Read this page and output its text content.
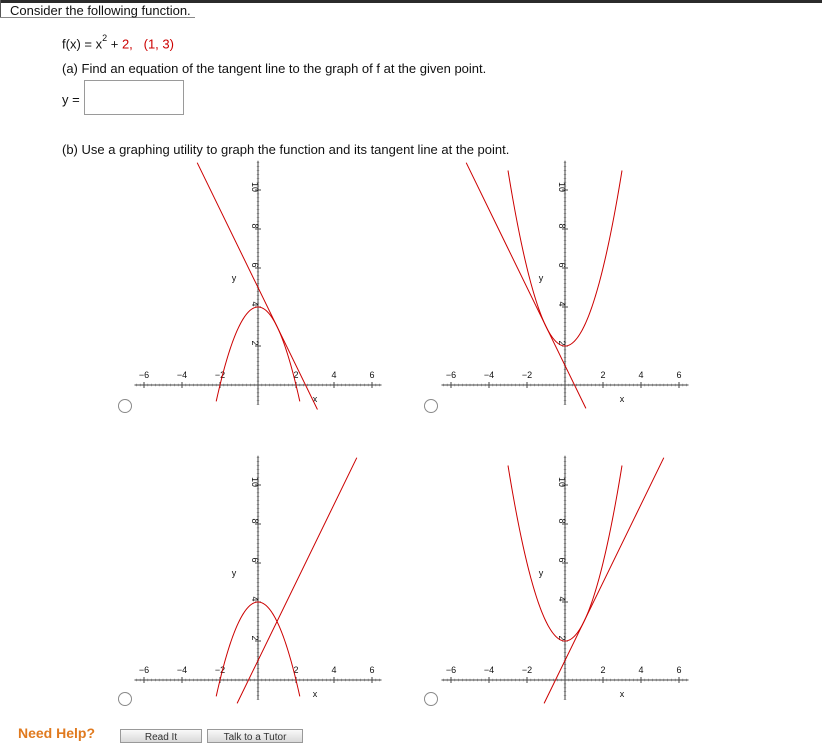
Consider the following function.
$f(x) = x^2 + 2$, (1, 3)
(a) Find an equation of the tangent line to the graph of f at the given point.
y =
(b) Use a graphing utility to graph the function and its tangent line at the point.
−6	−4	−2	2	4	6
2
4
6
8
10
x
y
−6	−4	−2	2	4	6
2
4
6
8
10
x
y
−6	−4	−2	2	4	6
2
4
6
8
10
x
y
−6	−4	−2	2	4	6
2
4
6
8
10
x
y
Need Help?	Read It	Talk to a Tutor
